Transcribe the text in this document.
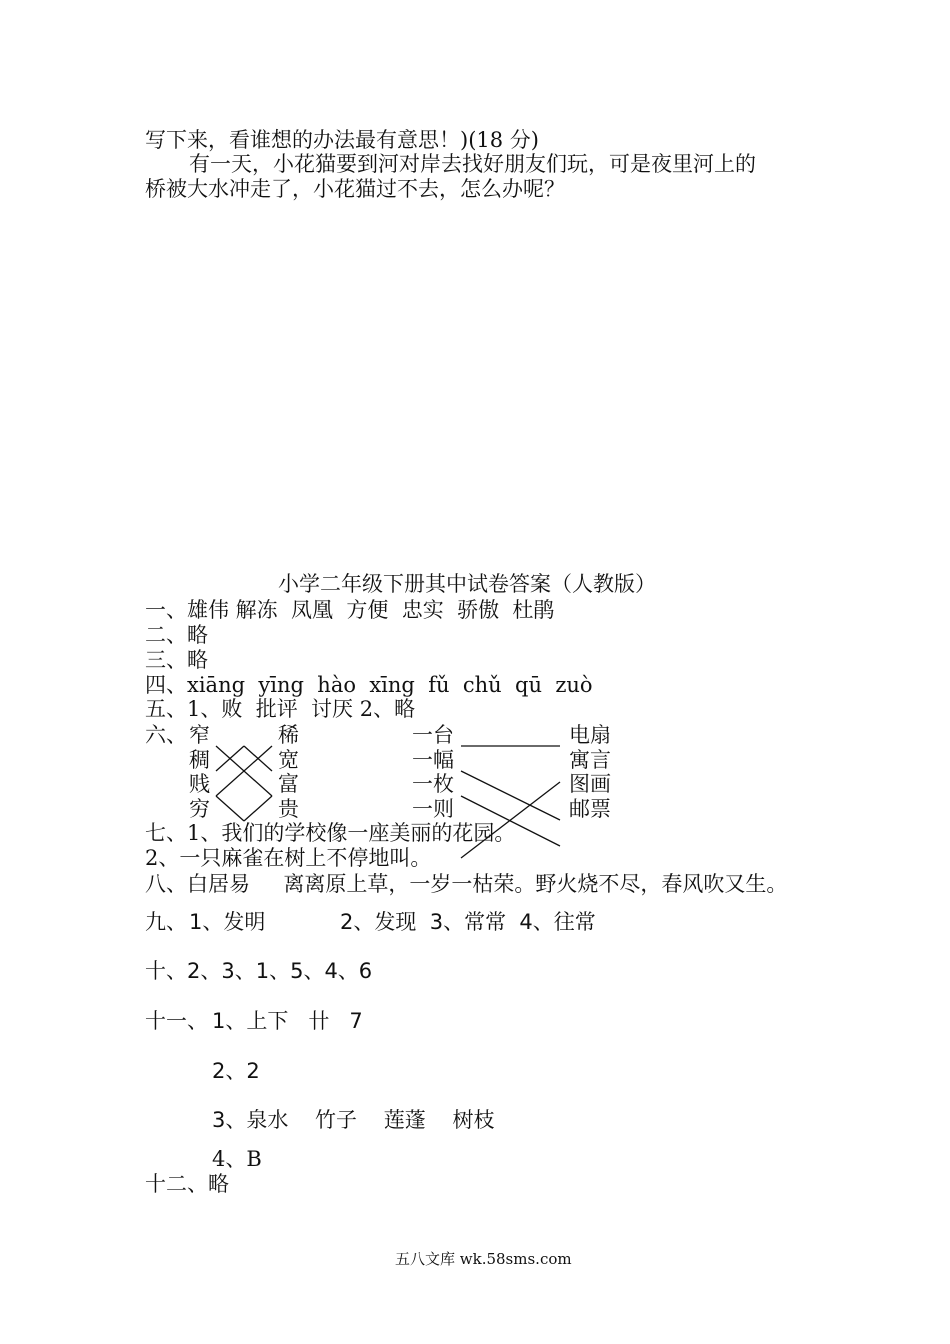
写下来，看谁想的办法最有意思！)(18 分)
有一天，小花猫要到河对岸去找好朋友们玩，可是夜里河上的
桥被大水冲走了，小花猫过不去，怎么办呢？
小学二年级下册其中试卷答案（人教版）
一、雄伟 解冻  凤凰  方便  忠实  骄傲  杜鹃
二、略
三、略
四、xiāng  yīng  hào  xīng  fǔ  chǔ  qū  zuò
五、1、败  批评  讨厌 2、略
六、 窄
稠
贱
穷
稀
宽
富
贵
一台
一幅
一枚
一则
电扇
寓言
图画
邮票
七、1、我们的学校像一座美丽的花园。
2、一只麻雀在树上不停地叫。
八、白居易     离离原上草，一岁一枯荣。野火烧不尽，春风吹又生。
九、 1、发明	2、发现  3、常常  4、往常
十、2、3、1、5、4、6
十一、 1、上下   卄   7
2、2
3、泉水    竹子    莲蓬    树枝
4、B
十二、略
五八文库 wk.58sms.com
